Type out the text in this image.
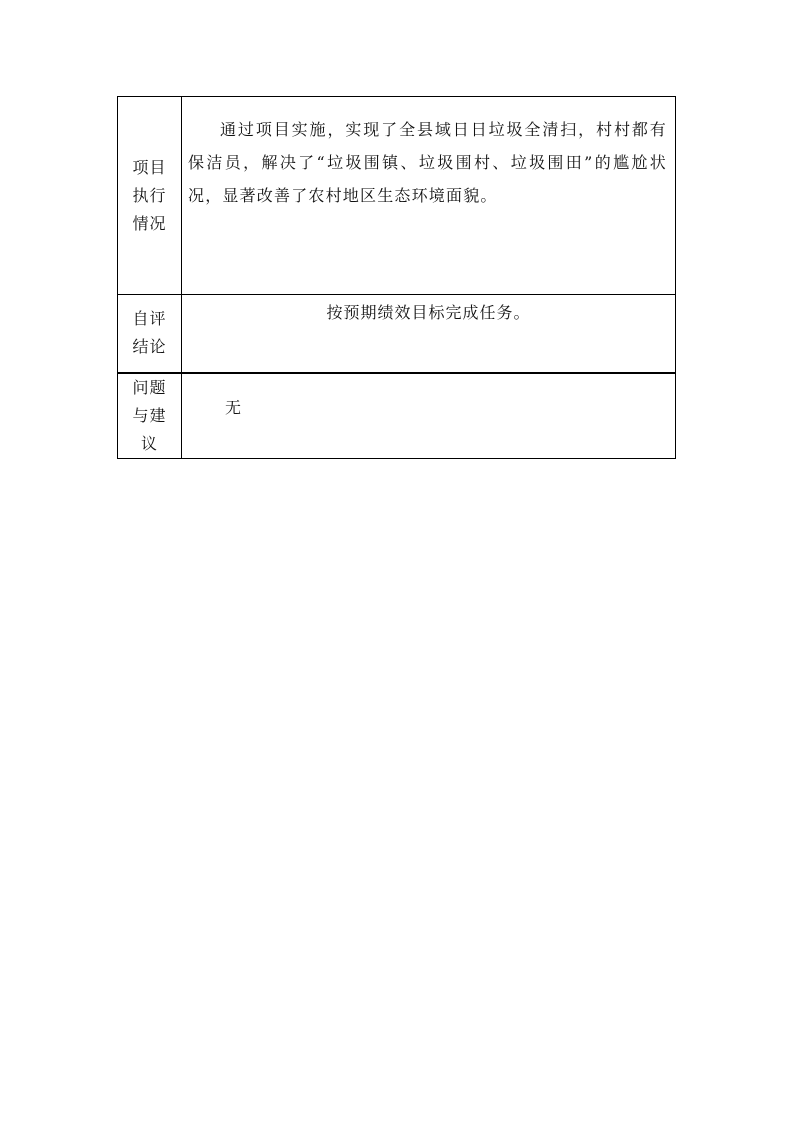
项目
执行
情况	通过项目实施，实现了全县域日日垃圾全清扫，村村都有保洁员，解决了“垃圾围镇、垃圾围村、垃圾围田”的尴尬状况，显著改善了农村地区生态环境面貌。

自评
结论	按预期绩效目标完成任务。

问题
与建
议	无
